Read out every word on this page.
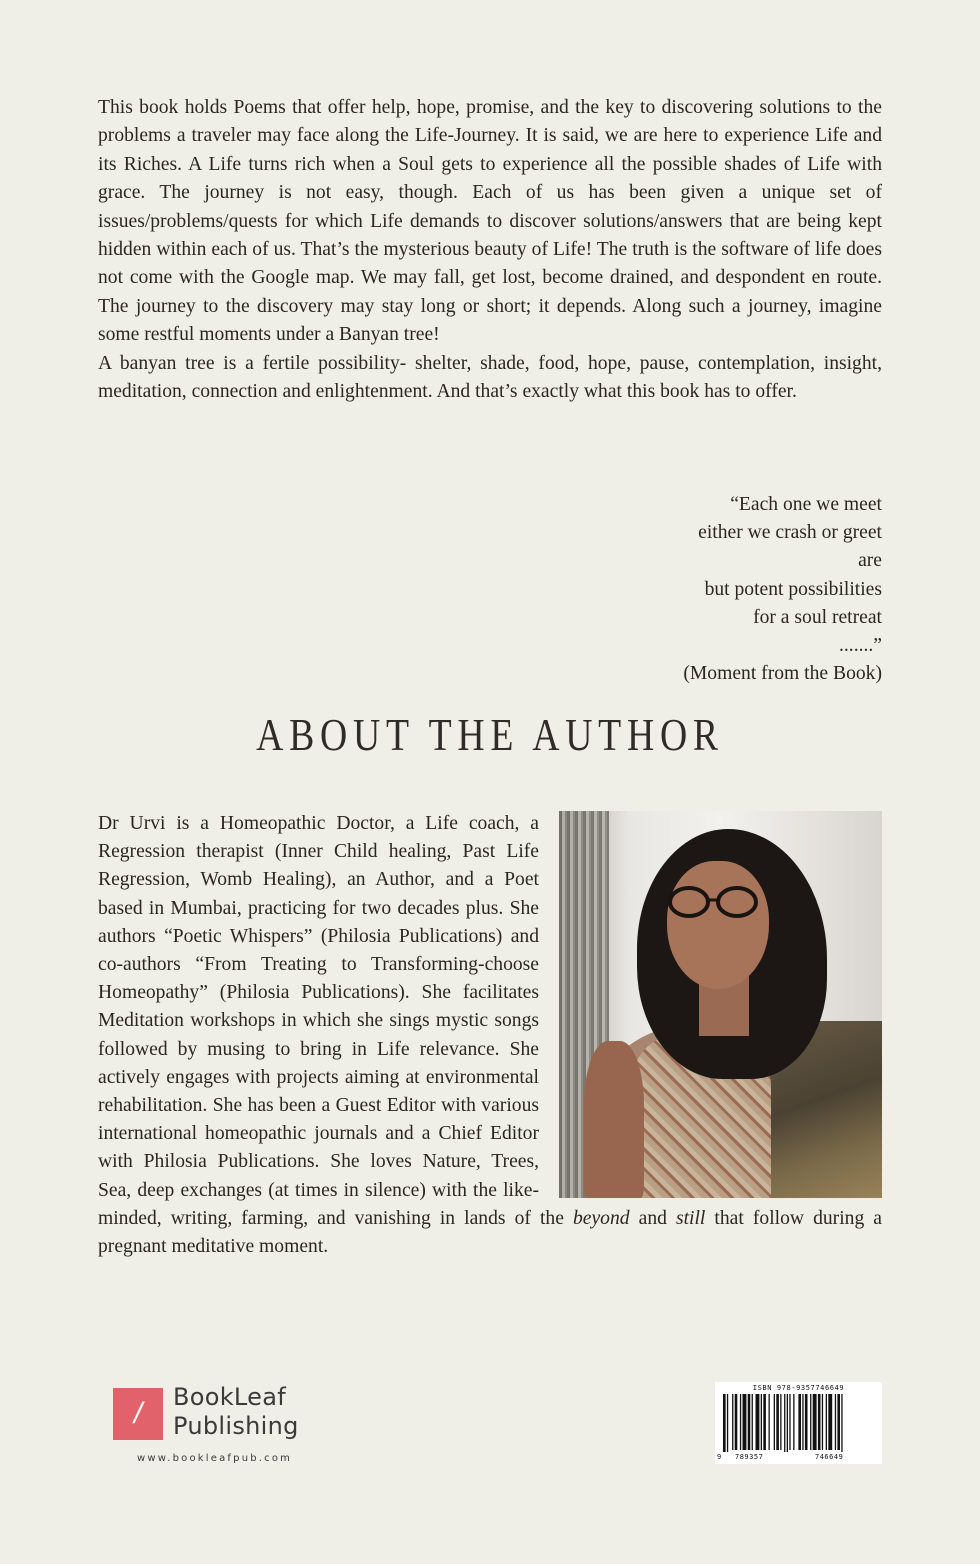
This book holds Poems that offer help, hope, promise, and the key to discovering solutions to the problems a traveler may face along the Life-Journey. It is said, we are here to experience Life and its Riches. A Life turns rich when a Soul gets to experience all the possible shades of Life with grace. The journey is not easy, though. Each of us has been given a unique set of issues/problems/quests for which Life demands to discover solutions/answers that are being kept hidden within each of us. That’s the mysterious beauty of Life! The truth is the software of life does not come with the Google map. We may fall, get lost, become drained, and despondent en route. The journey to the discovery may stay long or short; it depends. Along such a journey, imagine some restful moments under a Banyan tree!

A banyan tree is a fertile possibility- shelter, shade, food, hope, pause, contemplation, insight, meditation, connection and enlightenment. And that’s exactly what this book has to offer.

“Each one we meet
either we crash or greet
are
but potent possibilities
for a soul retreat
.......”
(Moment from the Book)
ABOUT THE AUTHOR
Dr Urvi is a Homeopathic Doctor, a Life coach, a Regression therapist (Inner Child healing, Past Life Regression, Womb Healing), an Author, and a Poet based in Mumbai, practicing for two decades plus. She authors “Poetic Whispers” (Philosia Publications) and co-authors “From Treating to Transforming-choose Homeopathy” (Philosia Publications). She facilitates Meditation workshops in which she sings mystic songs followed by musing to bring in Life relevance. She actively engages with projects aiming at environmental rehabilitation. She has been a Guest Editor with various international homeopathic journals and a Chief Editor with Philosia Publications. She loves Nature, Trees, Sea, deep exchanges (at times in silence) with the like-minded, writing, farming, and vanishing in lands of the beyond and still that follow during a pregnant meditative moment.
/	BookLeaf
Publishing
www.bookleafpub.com
ISBN 978-9357746649
9 789357	746649
